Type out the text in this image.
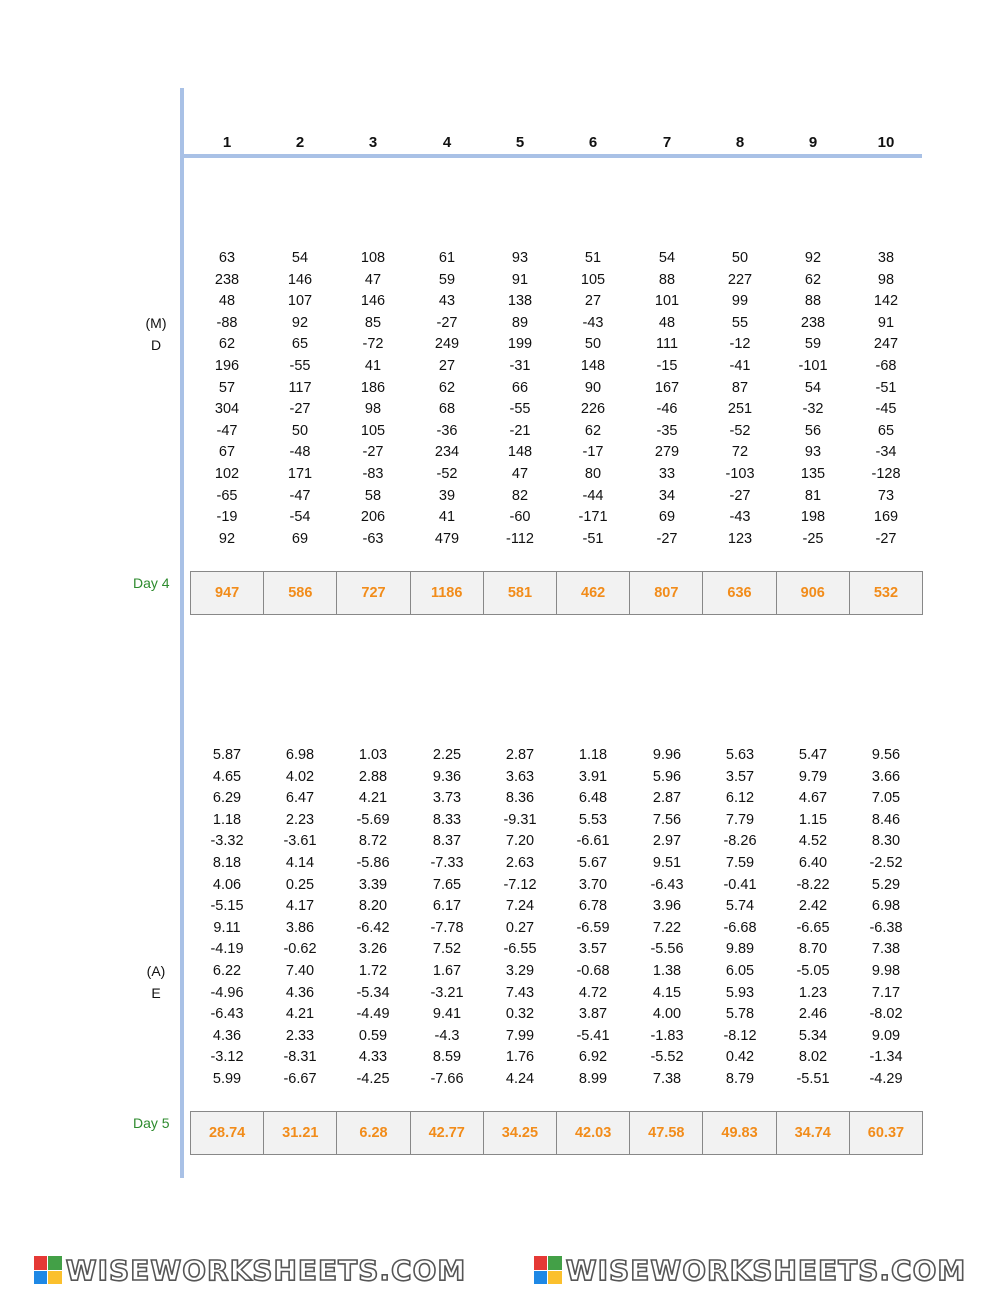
1	2	3	4	5	6	7	8	9	10
(M)
D
63	54	108	61	93	51	54	50	92	38
238	146	47	59	91	105	88	227	62	98
48	107	146	43	138	27	101	99	88	142
-88	92	85	-27	89	-43	48	55	238	91
62	65	-72	249	199	50	111	-12	59	247
196	-55	41	27	-31	148	-15	-41	-101	-68
57	117	186	62	66	90	167	87	54	-51
304	-27	98	68	-55	226	-46	251	-32	-45
-47	50	105	-36	-21	62	-35	-52	56	65
67	-48	-27	234	148	-17	279	72	93	-34
102	171	-83	-52	47	80	33	-103	135	-128
-65	-47	58	39	82	-44	34	-27	81	73
-19	-54	206	41	-60	-171	69	-43	198	169
92	69	-63	479	-112	-51	-27	123	-25	-27
Day 4
947	586	727	1186	581	462	807	636	906	532
(A)
E
5.87	6.98	1.03	2.25	2.87	1.18	9.96	5.63	5.47	9.56
4.65	4.02	2.88	9.36	3.63	3.91	5.96	3.57	9.79	3.66
6.29	6.47	4.21	3.73	8.36	6.48	2.87	6.12	4.67	7.05
1.18	2.23	-5.69	8.33	-9.31	5.53	7.56	7.79	1.15	8.46
-3.32	-3.61	8.72	8.37	7.20	-6.61	2.97	-8.26	4.52	8.30
8.18	4.14	-5.86	-7.33	2.63	5.67	9.51	7.59	6.40	-2.52
4.06	0.25	3.39	7.65	-7.12	3.70	-6.43	-0.41	-8.22	5.29
-5.15	4.17	8.20	6.17	7.24	6.78	3.96	5.74	2.42	6.98
9.11	3.86	-6.42	-7.78	0.27	-6.59	7.22	-6.68	-6.65	-6.38
-4.19	-0.62	3.26	7.52	-6.55	3.57	-5.56	9.89	8.70	7.38
6.22	7.40	1.72	1.67	3.29	-0.68	1.38	6.05	-5.05	9.98
-4.96	4.36	-5.34	-3.21	7.43	4.72	4.15	5.93	1.23	7.17
-6.43	4.21	-4.49	9.41	0.32	3.87	4.00	5.78	2.46	-8.02
4.36	2.33	0.59	-4.3	7.99	-5.41	-1.83	-8.12	5.34	9.09
-3.12	-8.31	4.33	8.59	1.76	6.92	-5.52	0.42	8.02	-1.34
5.99	-6.67	-4.25	-7.66	4.24	8.99	7.38	8.79	-5.51	-4.29
Day 5
28.74	31.21	6.28	42.77	34.25	42.03	47.58	49.83	34.74	60.37
WISEWORKSHEETS.COM	WISEWORKSHEETS.COM
